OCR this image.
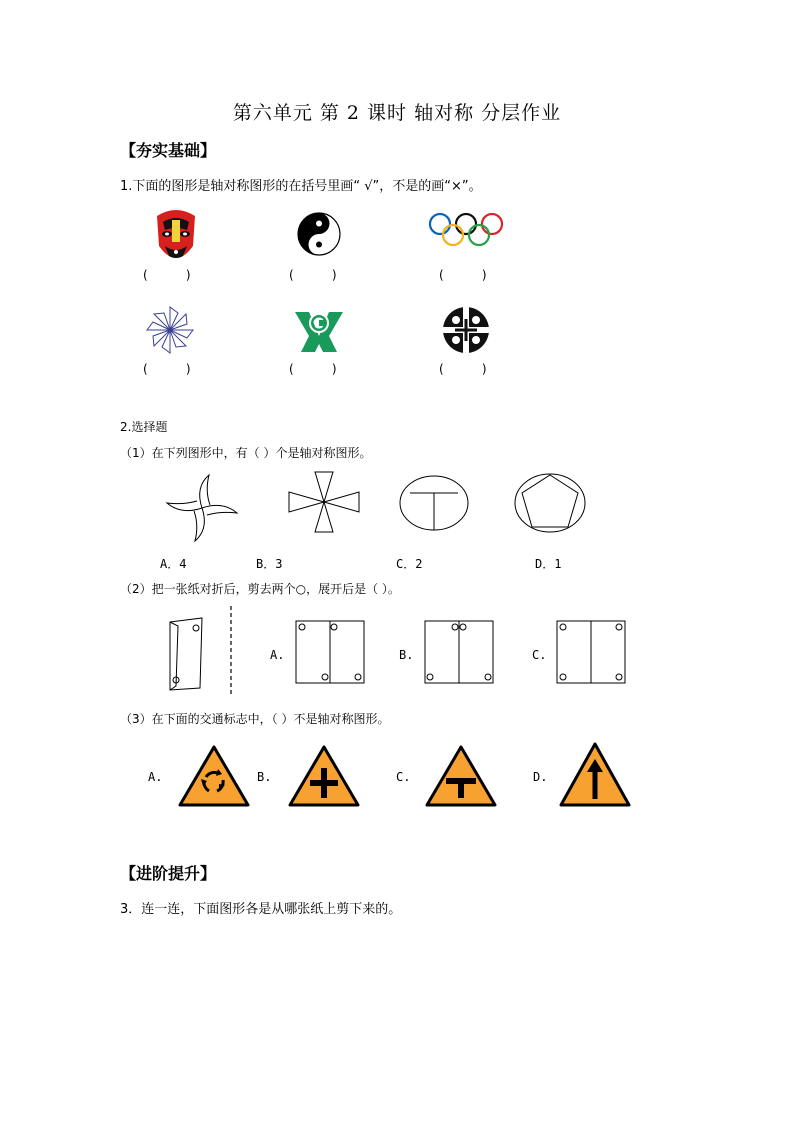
第六单元 第 2 课时 轴对称 分层作业
【夯实基础】
1.下面的图形是轴对称图形的在括号里画“ √”，不是的画“×”。
(          )	(          )	(          )
(          )	(          )	(          )
2.选择题
（1）在下列图形中，有（ ）个是轴对称图形。
A．4	B．3	C．2	D．1
（2）把一张纸对折后，剪去两个○，展开后是（ ）。
A.	B.	C.
（3）在下面的交通标志中，（ ）不是轴对称图形。
A.	B.	C.	D.
【进阶提升】
3．连一连，下面图形各是从哪张纸上剪下来的。
